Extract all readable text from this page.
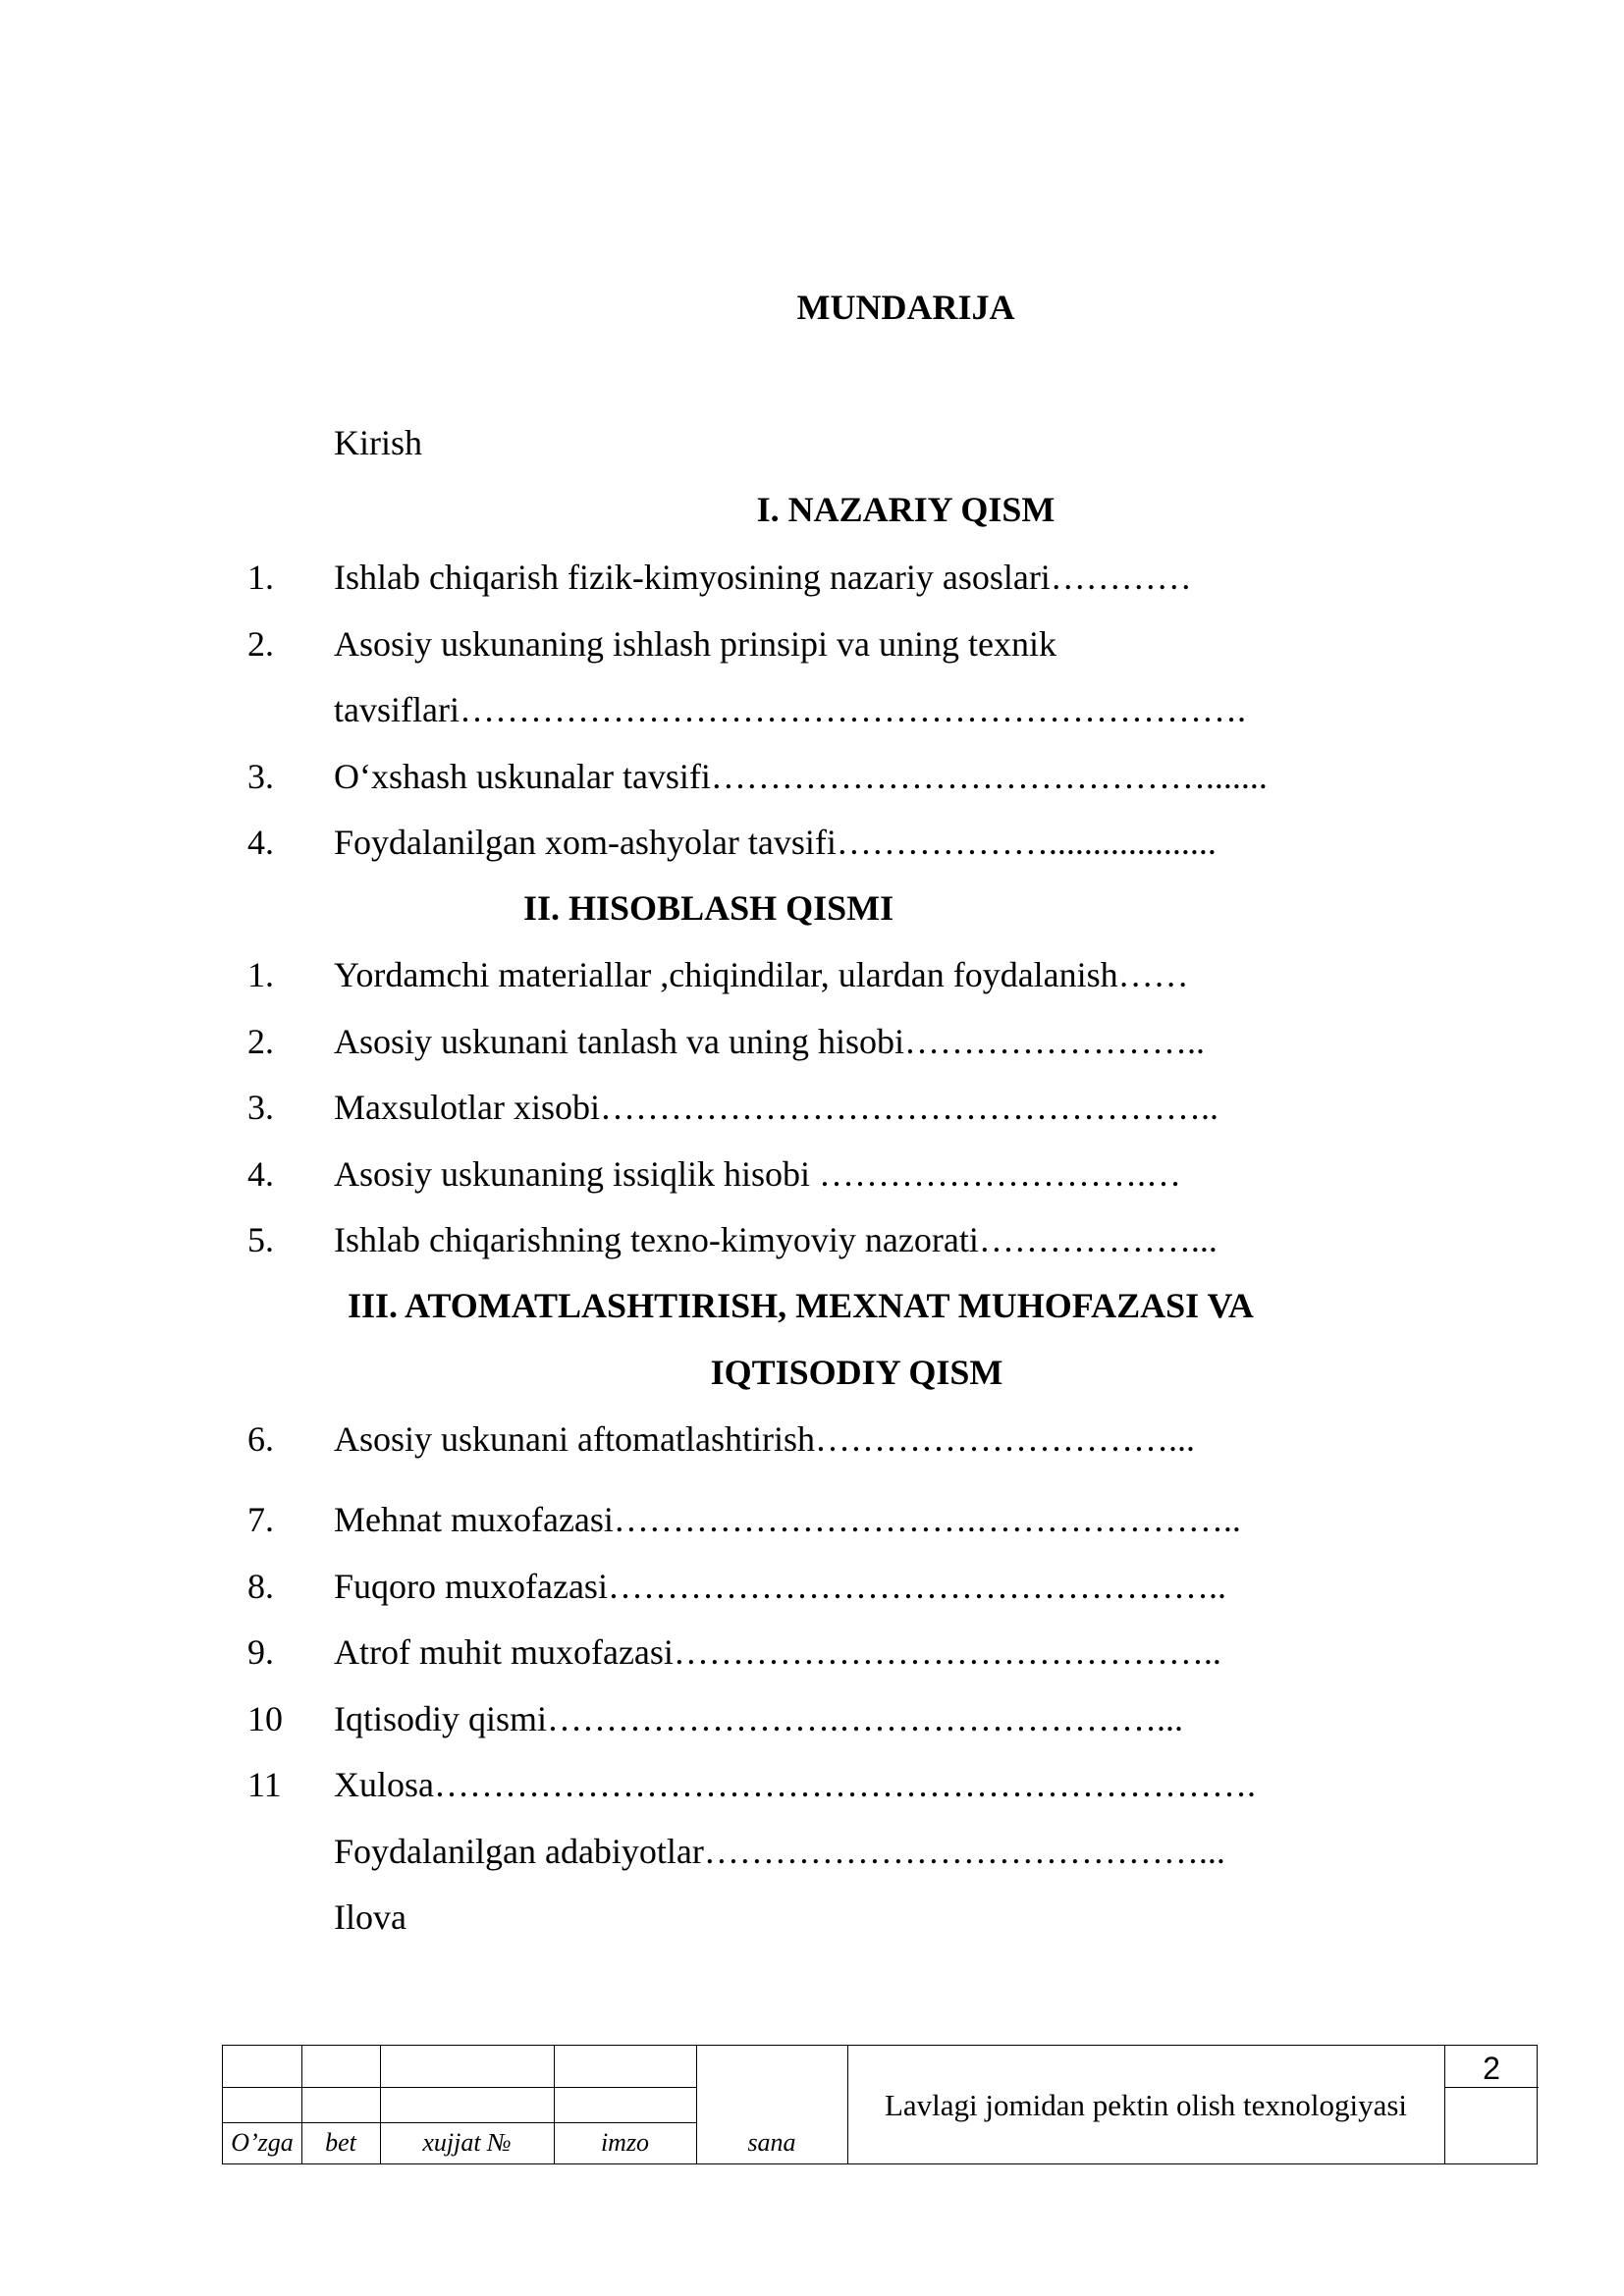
MUNDARIJA
Kirish
I. NAZARIY QISM
1. Ishlab chiqarish fizik-kimyosining nazariy asoslari…………
2. Asosiy uskunaning ishlash prinsipi va uning texnik
tavsiflari………………………………………………………….
3. O‘xshash uskunalar tavsifi…………………………………….......
4. Foydalanilgan xom-ashyolar tavsifi………………...................
II. HISOBLASH QISMI
1. Yordamchi materiallar ,chiqindilar, ulardan foydalanish……
2. Asosiy uskunani tanlash va uning hisobi……………………..
3. Maxsulotlar xisobi……………………………………………..
4. Asosiy uskunaning issiqlik hisobi ……………………….…
5. Ishlab chiqarishning texno-kimyoviy nazorati………………...
III. ATOMATLASHTIRISH, MEXNAT MUHOFAZASI VA
IQTISODIY QISM
6. Asosiy uskunani aftomatlashtirish…………………………...
7. Mehnat muxofazasi………………………….…………………..
8. Fuqoro muxofazasi……………………………………………..
9. Atrof muhit muxofazasi………………………………………..
10 Iqtisodiy qismi…………………….………………………...
11 Xulosa…………………………………………………………….
Foydalanilgan adabiyotlar……………………………………...
Ilova
O’zga	bet	xujjat №	imzo	sana
Lavlagi jomidan pektin olish texnologiyasi
2
